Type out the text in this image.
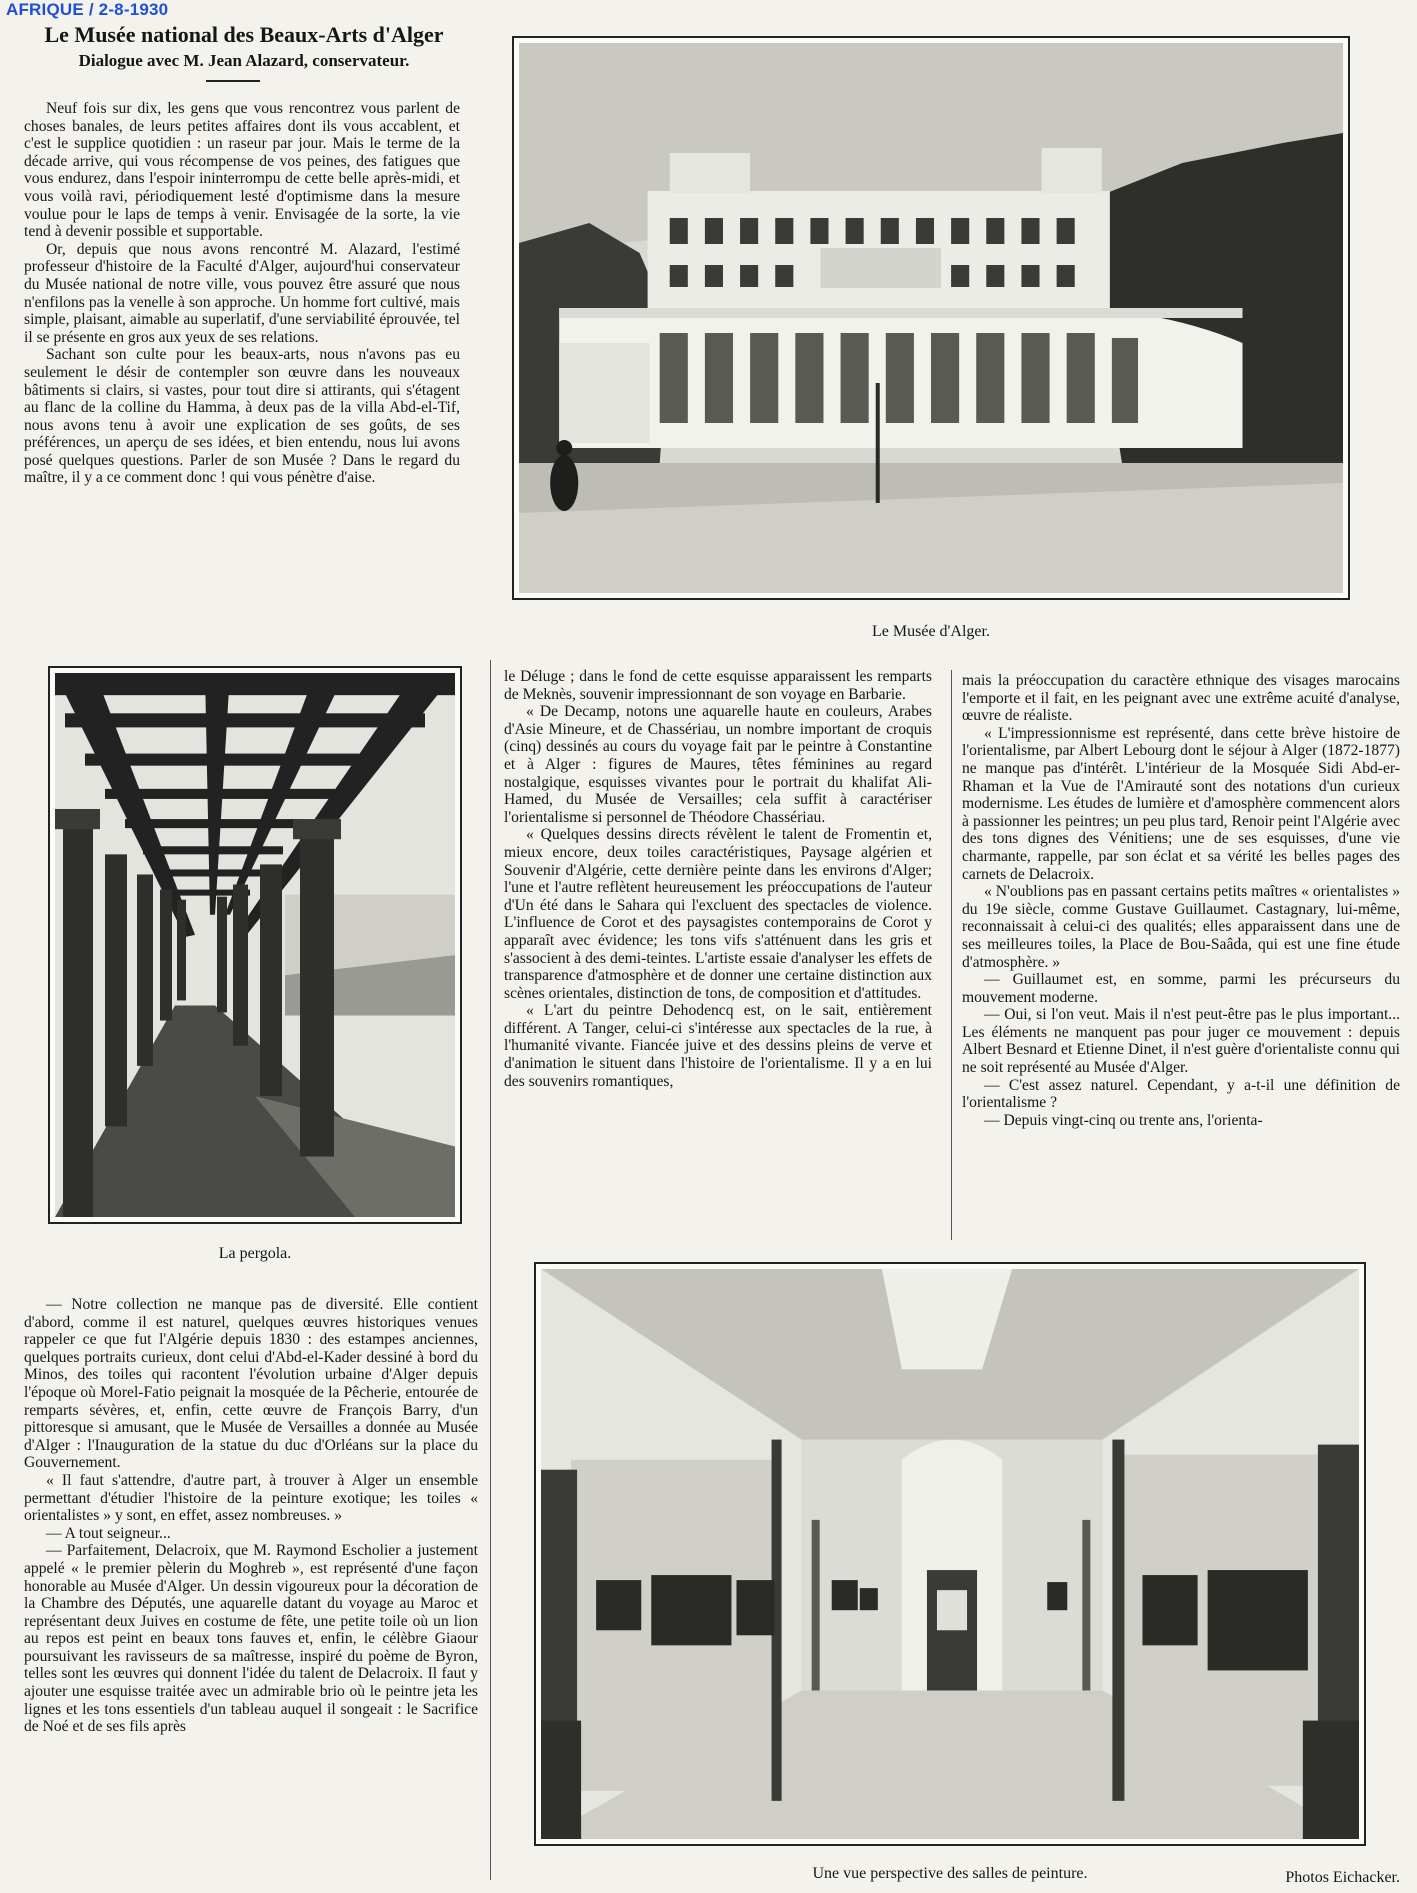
AFRIQUE / 2-8-1930
Le Musée national des Beaux-Arts d'Alger
Dialogue avec M. Jean Alazard, conservateur.

Neuf fois sur dix, les gens que vous rencontrez vous parlent de choses banales, de leurs petites affaires dont ils vous accablent, et c'est le supplice quotidien : un raseur par jour. Mais le terme de la décade arrive, qui vous récompense de vos peines, des fatigues que vous endurez, dans l'espoir ininterrompu de cette belle après-midi, et vous voilà ravi, périodiquement lesté d'optimisme dans la mesure voulue pour le laps de temps à venir. Envisagée de la sorte, la vie tend à devenir possible et supportable.

Or, depuis que nous avons rencontré M. Alazard, l'estimé professeur d'histoire de la Faculté d'Alger, aujourd'hui conservateur du Musée national de notre ville, vous pouvez être assuré que nous n'enfilons pas la venelle à son approche. Un homme fort cultivé, mais simple, plaisant, aimable au superlatif, d'une serviabilité éprouvée, tel il se présente en gros aux yeux de ses relations.

Sachant son culte pour les beaux-arts, nous n'avons pas eu seulement le désir de contempler son œuvre dans les nouveaux bâtiments si clairs, si vastes, pour tout dire si attirants, qui s'étagent au flanc de la colline du Hamma, à deux pas de la villa Abd-el-Tif, nous avons tenu à avoir une explication de ses goûts, de ses préférences, un aperçu de ses idées, et bien entendu, nous lui avons posé quelques questions. Parler de son Musée ? Dans le regard du maître, il y a ce comment donc ! qui vous pénètre d'aise.

Le Musée d'Alger.
La pergola.

— Notre collection ne manque pas de diversité. Elle contient d'abord, comme il est naturel, quelques œuvres historiques venues rappeler ce que fut l'Algérie depuis 1830 : des estampes anciennes, quelques portraits curieux, dont celui d'Abd-el-Kader dessiné à bord du Minos, des toiles qui racontent l'évolution urbaine d'Alger depuis l'époque où Morel-Fatio peignait la mosquée de la Pêcherie, entourée de remparts sévères, et, enfin, cette œuvre de François Barry, d'un pittoresque si amusant, que le Musée de Versailles a donnée au Musée d'Alger : l'Inauguration de la statue du duc d'Orléans sur la place du Gouvernement.

« Il faut s'attendre, d'autre part, à trouver à Alger un ensemble permettant d'étudier l'histoire de la peinture exotique; les toiles « orientalistes » y sont, en effet, assez nombreuses. »

— A tout seigneur...

— Parfaitement, Delacroix, que M. Raymond Escholier a justement appelé « le premier pèlerin du Moghreb », est représenté d'une façon honorable au Musée d'Alger. Un dessin vigoureux pour la décoration de la Chambre des Députés, une aquarelle datant du voyage au Maroc et représentant deux Juives en costume de fête, une petite toile où un lion au repos est peint en beaux tons fauves et, enfin, le célèbre Giaour poursuivant les ravisseurs de sa maîtresse, inspiré du poème de Byron, telles sont les œuvres qui donnent l'idée du talent de Delacroix. Il faut y ajouter une esquisse traitée avec un admirable brio où le peintre jeta les lignes et les tons essentiels d'un tableau auquel il songeait : le Sacrifice de Noé et de ses fils après

le Déluge ; dans le fond de cette esquisse apparaissent les remparts de Meknès, souvenir impressionnant de son voyage en Barbarie.

« De Decamp, notons une aquarelle haute en couleurs, Arabes d'Asie Mineure, et de Chassériau, un nombre important de croquis (cinq) dessinés au cours du voyage fait par le peintre à Constantine et à Alger : figures de Maures, têtes féminines au regard nostalgique, esquisses vivantes pour le portrait du khalifat Ali-Hamed, du Musée de Versailles; cela suffit à caractériser l'orientalisme si personnel de Théodore Chassériau.

« Quelques dessins directs révèlent le talent de Fromentin et, mieux encore, deux toiles caractéristiques, Paysage algérien et Souvenir d'Algérie, cette dernière peinte dans les environs d'Alger; l'une et l'autre reflètent heureusement les préoccupations de l'auteur d'Un été dans le Sahara qui l'excluent des spectacles de violence. L'influence de Corot et des paysagistes contemporains de Corot y apparaît avec évidence; les tons vifs s'atténuent dans les gris et s'associent à des demi-teintes. L'artiste essaie d'analyser les effets de transparence d'atmosphère et de donner une certaine distinction aux scènes orientales, distinction de tons, de composition et d'attitudes.

« L'art du peintre Dehodencq est, on le sait, entièrement différent. A Tanger, celui-ci s'intéresse aux spectacles de la rue, à l'humanité vivante. Fiancée juive et des dessins pleins de verve et d'animation le situent dans l'histoire de l'orientalisme. Il y a en lui des souvenirs romantiques,

mais la préoccupation du caractère ethnique des visages marocains l'emporte et il fait, en les peignant avec une extrême acuité d'analyse, œuvre de réaliste.

« L'impressionnisme est représenté, dans cette brève histoire de l'orientalisme, par Albert Lebourg dont le séjour à Alger (1872-1877) ne manque pas d'intérêt. L'intérieur de la Mosquée Sidi Abd-er-Rhaman et la Vue de l'Amirauté sont des notations d'un curieux modernisme. Les études de lumière et d'amosphère commencent alors à passionner les peintres; un peu plus tard, Renoir peint l'Algérie avec des tons dignes des Vénitiens; une de ses esquisses, d'une vie charmante, rappelle, par son éclat et sa vérité les belles pages des carnets de Delacroix.

« N'oublions pas en passant certains petits maîtres « orientalistes » du 19e siècle, comme Gustave Guillaumet. Castagnary, lui-même, reconnaissait à celui-ci des qualités; elles apparaissent dans une de ses meilleures toiles, la Place de Bou-Saâda, qui est une fine étude d'atmosphère. »

— Guillaumet est, en somme, parmi les précurseurs du mouvement moderne.

— Oui, si l'on veut. Mais il n'est peut-être pas le plus important... Les éléments ne manquent pas pour juger ce mouvement : depuis Albert Besnard et Etienne Dinet, il n'est guère d'orientaliste connu qui ne soit représenté au Musée d'Alger.

— C'est assez naturel. Cependant, y a-t-il une définition de l'orientalisme ?

— Depuis vingt-cinq ou trente ans, l'orienta-

Une vue perspective des salles de peinture.	Photos Eichacker.
